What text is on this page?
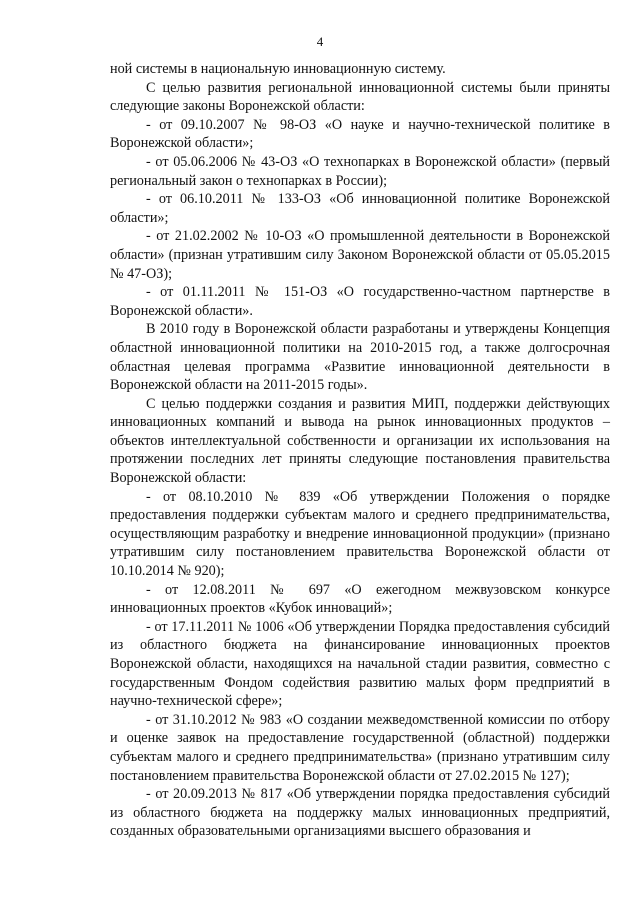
4

ной системы в национальную инновационную систему.

С целью развития региональной инновационной системы были приняты следующие законы Воронежской области:

- от 09.10.2007 № 98-ОЗ «О науке и научно-технической политике в Воронежской области»;

- от 05.06.2006 № 43-ОЗ «О технопарках в Воронежской области» (первый региональный закон о технопарках в России);

- от 06.10.2011 № 133-ОЗ «Об инновационной политике Воронежской области»;

- от 21.02.2002 № 10-ОЗ «О промышленной деятельности в Воронежской области» (признан утратившим силу Законом Воронежской области от 05.05.2015 № 47-ОЗ);

- от 01.11.2011 № 151-ОЗ «О государственно-частном партнерстве в Воронежской области».

В 2010 году в Воронежской области разработаны и утверждены Концепция областной инновационной политики на 2010-2015 год, а также долгосрочная областная целевая программа «Развитие инновационной деятельности в Воронежской области на 2011-2015 годы».

С целью поддержки создания и развития МИП, поддержки действующих инновационных компаний и вывода на рынок инновационных продуктов – объектов интеллектуальной собственности и организации их использования на протяжении последних лет приняты следующие постановления правительства Воронежской области:

- от 08.10.2010 № 839 «Об утверждении Положения о порядке предоставления поддержки субъектам малого и среднего предпринимательства, осуществляющим разработку и внедрение инновационной продукции» (признано утратившим силу постановлением правительства Воронежской области от 10.10.2014 № 920);

- от 12.08.2011 № 697 «О ежегодном межвузовском конкурсе инновационных проектов «Кубок инноваций»;

- от 17.11.2011 № 1006 «Об утверждении Порядка предоставления субсидий из областного бюджета на финансирование инновационных проектов Воронежской области, находящихся на начальной стадии развития, совместно с государственным Фондом содействия развитию малых форм предприятий в научно-технической сфере»;

- от 31.10.2012 № 983 «О создании межведомственной комиссии по отбору и оценке заявок на предоставление государственной (областной) поддержки субъектам малого и среднего предпринимательства» (признано утратившим силу постановлением правительства Воронежской области от 27.02.2015 № 127);

- от 20.09.2013 № 817 «Об утверждении порядка предоставления субсидий из областного бюджета на поддержку малых инновационных предприятий, созданных образовательными организациями высшего образования и
